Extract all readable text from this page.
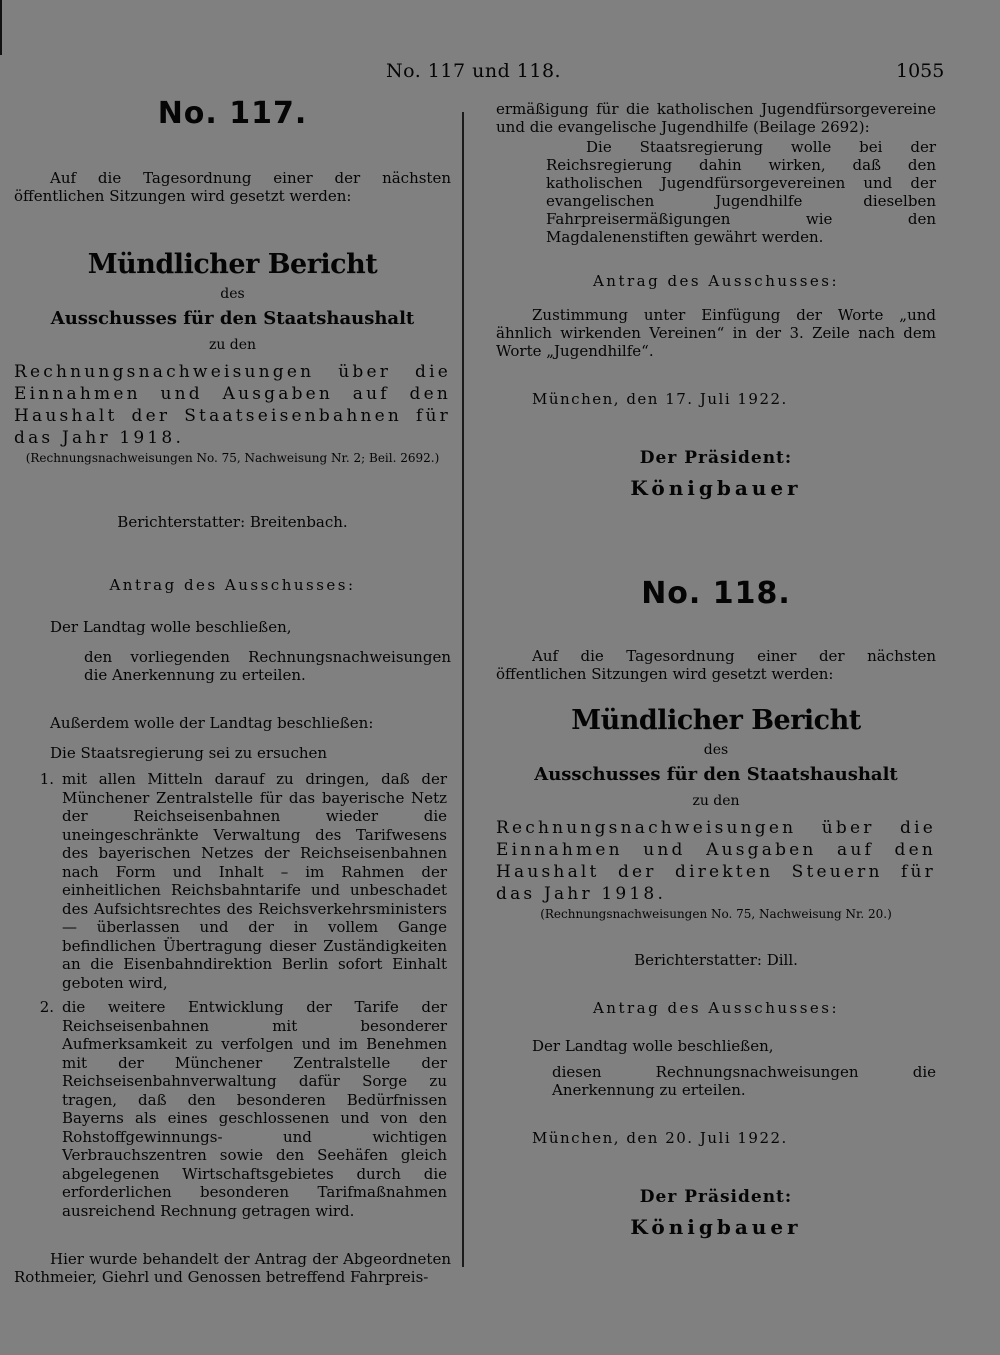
No. 117 und 118.	1055
No. 117.

Auf die Tagesordnung einer der nächsten öffentlichen Sitzungen wird gesetzt werden:

Mündlicher Bericht
des
Ausschusses für den Staatshaushalt
zu den
Rechnungsnachweisungen über die Einnahmen und Ausgaben auf den Haushalt der Staatseisenbahnen für das Jahr 1918.
(Rechnungsnachweisungen No. 75, Nachweisung Nr. 2; Beil. 2692.)

Berichterstatter: Breitenbach.

Antrag des Ausschusses:

Der Landtag wolle beschließen,

den vorliegenden Rechnungsnachweisungen die Anerkennung zu erteilen.

Außerdem wolle der Landtag beschließen:

Die Staatsregierung sei zu ersuchen

1. mit allen Mitteln darauf zu dringen, daß der Münchener Zentralstelle für das bayerische Netz der Reichseisenbahnen wieder die uneingeschränkte Verwaltung des Tarifwesens des bayerischen Netzes der Reichseisenbahnen nach Form und Inhalt – im Rahmen der einheitlichen Reichsbahntarife und unbeschadet des Aufsichtsrechtes des Reichsverkehrsministers — überlassen und der in vollem Gange befindlichen Übertragung dieser Zuständigkeiten an die Eisenbahndirektion Berlin sofort Einhalt geboten wird,
2. die weitere Entwicklung der Tarife der Reichseisenbahnen mit besonderer Aufmerksamkeit zu verfolgen und im Benehmen mit der Münchener Zentralstelle der Reichseisenbahnverwaltung dafür Sorge zu tragen, daß den besonderen Bedürfnissen Bayerns als eines geschlossenen und von den Rohstoffgewinnungs- und wichtigen Verbrauchszentren sowie den Seehäfen gleich abgelegenen Wirtschaftsgebietes durch die erforderlichen besonderen Tarifmaßnahmen ausreichend Rechnung getragen wird.

Hier wurde behandelt der Antrag der Abgeordneten Rothmeier, Giehrl und Genossen betreffend Fahrpreis-

ermäßigung für die katholischen Jugendfürsorgevereine und die evangelische Jugendhilfe (Beilage 2692):

Die Staatsregierung wolle bei der Reichsregierung dahin wirken, daß den katholischen Jugendfürsorgevereinen und der evangelischen Jugendhilfe dieselben Fahrpreisermäßigungen wie den Magdalenenstiften gewährt werden.

Antrag des Ausschusses:

Zustimmung unter Einfügung der Worte „und ähnlich wirkenden Vereinen“ in der 3. Zeile nach dem Worte „Jugendhilfe“.

München, den 17. Juli 1922.

Der Präsident:
Königbauer
No. 118.

Auf die Tagesordnung einer der nächsten öffentlichen Sitzungen wird gesetzt werden:

Mündlicher Bericht
des
Ausschusses für den Staatshaushalt
zu den
Rechnungsnachweisungen über die Einnahmen und Ausgaben auf den Haushalt der direkten Steuern für das Jahr 1918.
(Rechnungsnachweisungen No. 75, Nachweisung Nr. 20.)

Berichterstatter: Dill.

Antrag des Ausschusses:

Der Landtag wolle beschließen,

diesen Rechnungsnachweisungen die Anerkennung zu erteilen.

München, den 20. Juli 1922.

Der Präsident:
Königbauer
